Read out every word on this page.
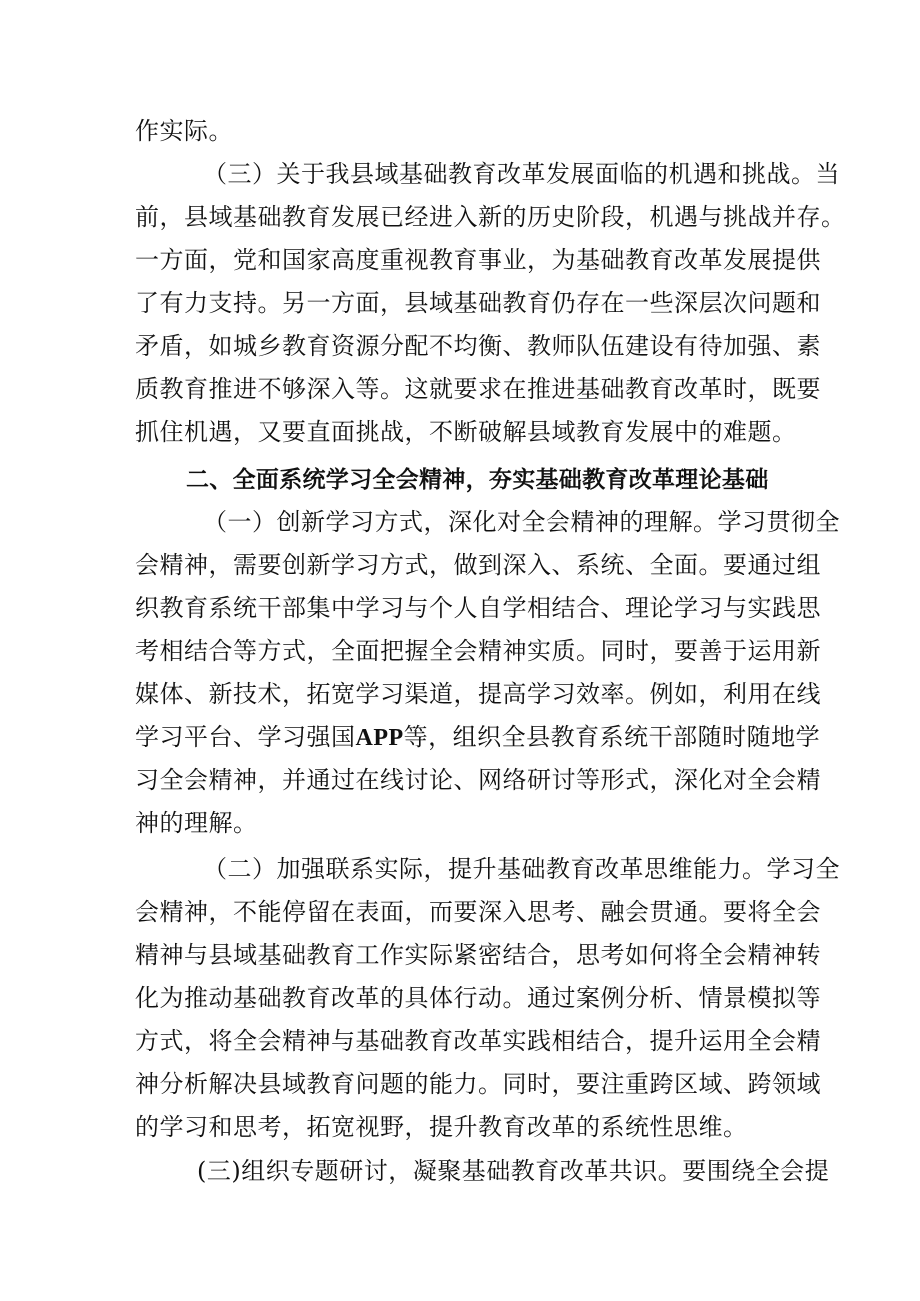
作实际。
（三）关于我县域基础教育改革发展面临的机遇和挑战。当
前，县域基础教育发展已经进入新的历史阶段，机遇与挑战并存。
一方面，党和国家高度重视教育事业，为基础教育改革发展提供
了有力支持。另一方面，县域基础教育仍存在一些深层次问题和
矛盾，如城乡教育资源分配不均衡、教师队伍建设有待加强、素
质教育推进不够深入等。这就要求在推进基础教育改革时，既要
抓住机遇，又要直面挑战，不断破解县域教育发展中的难题。
二、全面系统学习全会精神，夯实基础教育改革理论基础
（一）创新学习方式，深化对全会精神的理解。学习贯彻全
会精神，需要创新学习方式，做到深入、系统、全面。要通过组
织教育系统干部集中学习与个人自学相结合、理论学习与实践思
考相结合等方式，全面把握全会精神实质。同时，要善于运用新
媒体、新技术，拓宽学习渠道，提高学习效率。例如，利用在线
学习平台、学习强国APP等，组织全县教育系统干部随时随地学
习全会精神，并通过在线讨论、网络研讨等形式，深化对全会精
神的理解。
（二）加强联系实际，提升基础教育改革思维能力。学习全
会精神，不能停留在表面，而要深入思考、融会贯通。要将全会
精神与县域基础教育工作实际紧密结合，思考如何将全会精神转
化为推动基础教育改革的具体行动。通过案例分析、情景模拟等
方式，将全会精神与基础教育改革实践相结合，提升运用全会精
神分析解决县域教育问题的能力。同时，要注重跨区域、跨领域
的学习和思考，拓宽视野，提升教育改革的系统性思维。
(三)组织专题研讨，凝聚基础教育改革共识。要围绕全会提
